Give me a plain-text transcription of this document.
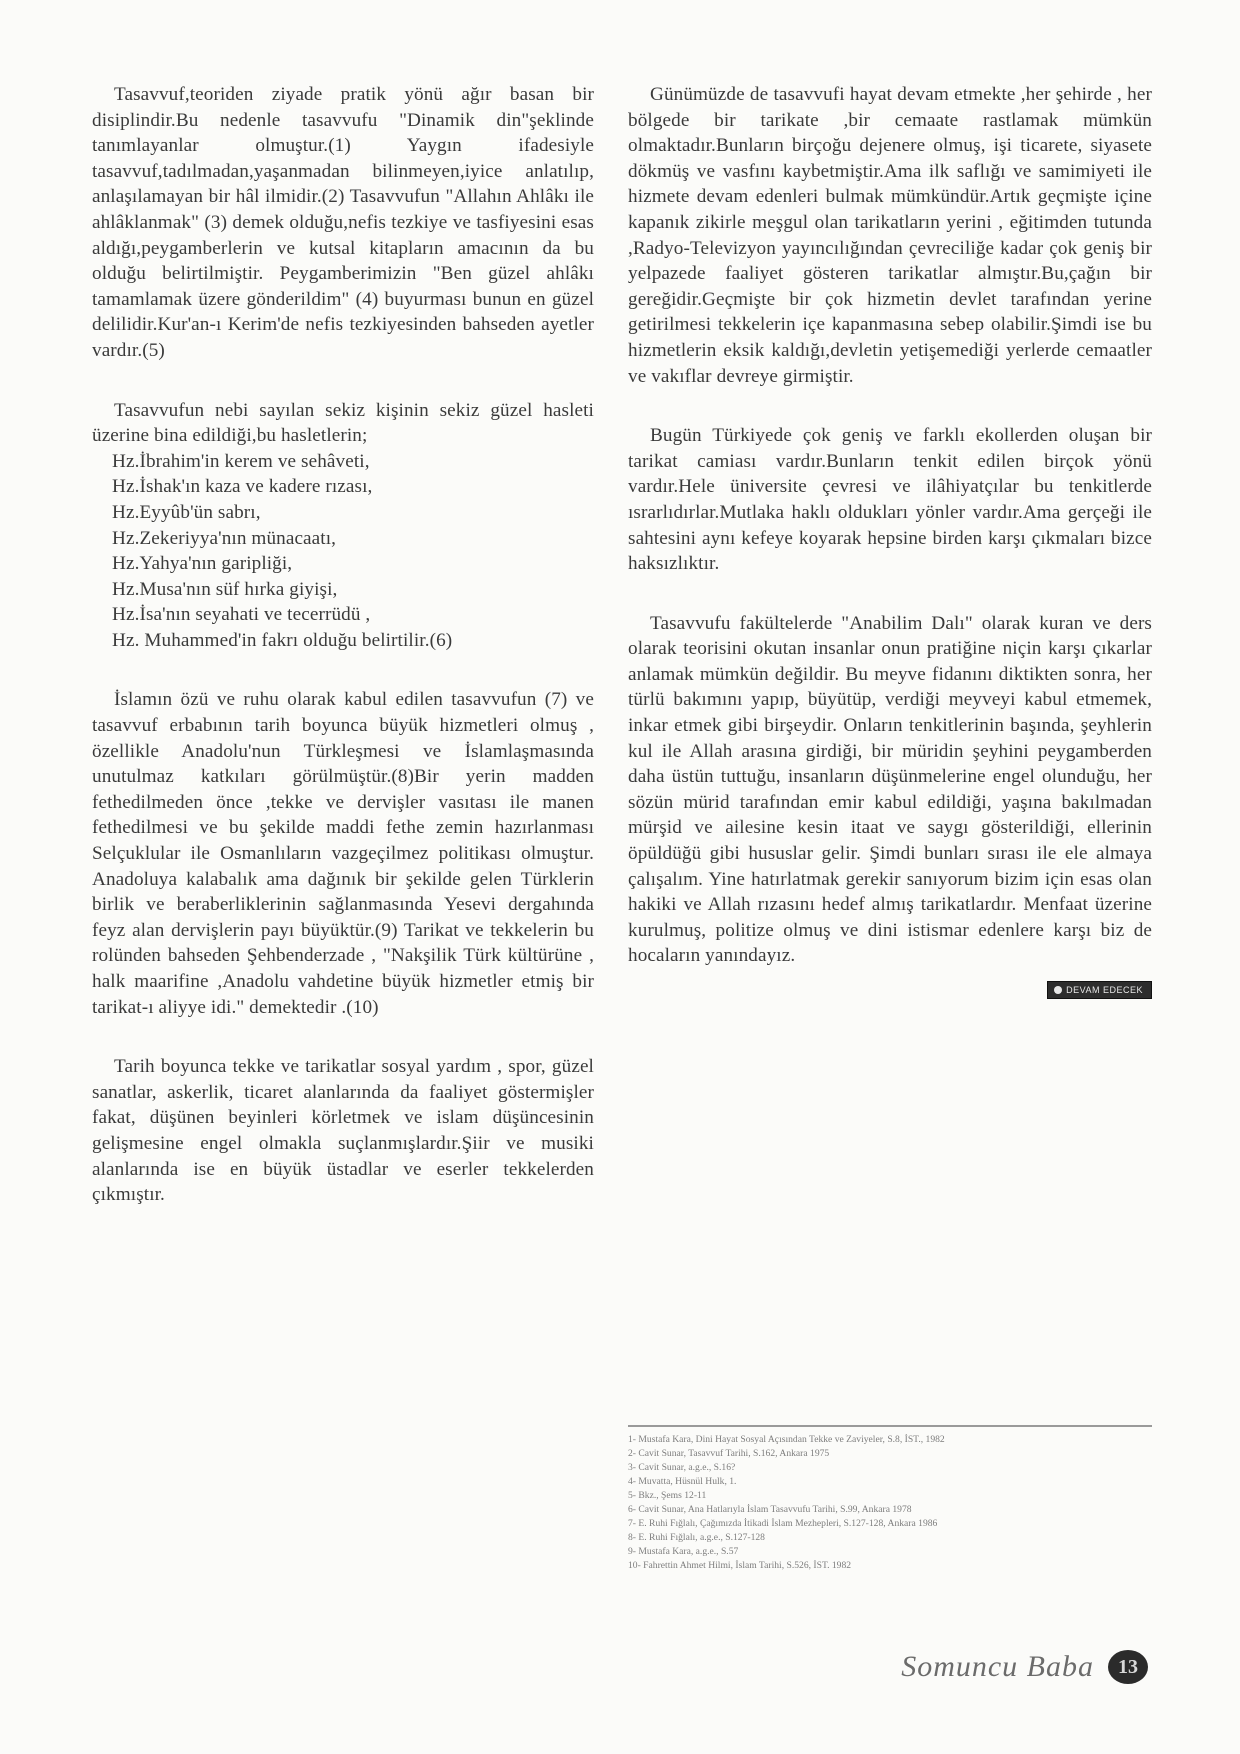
Tasavvuf,teoriden ziyade pratik yönü ağır basan bir disiplindir.Bu nedenle tasavvufu "Dinamik din"şeklinde tanımlayanlar olmuştur.(1) Yaygın ifadesiyle tasavvuf,tadılmadan,yaşanmadan bilinmeyen,iyice anlatılıp, anlaşılamayan bir hâl ilmidir.(2) Tasavvufun "Allahın Ahlâkı ile ahlâklanmak" (3) demek olduğu,nefis tezkiye ve tasfiyesini esas aldığı,peygamberlerin ve kutsal kitapların amacının da bu olduğu belirtilmiştir. Peygamberimizin "Ben güzel ahlâkı tamamlamak üzere gönderildim" (4) buyurması bunun en güzel delilidir.Kur'an-ı Kerim'de nefis tezkiyesinden bahseden ayetler vardır.(5)

Tasavvufun nebi sayılan sekiz kişinin sekiz güzel hasleti üzerine bina edildiği,bu hasletlerin;

Hz.İbrahim'in kerem ve sehâveti,
Hz.İshak'ın kaza ve kadere rızası,
Hz.Eyyûb'ün sabrı,
Hz.Zekeriyya'nın münacaatı,
Hz.Yahya'nın garipliği,
Hz.Musa'nın süf hırka giyişi,
Hz.İsa'nın seyahati ve tecerrüdü ,
Hz. Muhammed'in fakrı olduğu belirtilir.(6)

İslamın özü ve ruhu olarak kabul edilen tasavvufun (7) ve tasavvuf erbabının tarih boyunca büyük hizmetleri olmuş , özellikle Anadolu'nun Türkleşmesi ve İslamlaşmasında unutulmaz katkıları görülmüştür.(8)Bir yerin madden fethedilmeden önce ,tekke ve dervişler vasıtası ile manen fethedilmesi ve bu şekilde maddi fethe zemin hazırlanması Selçuklular ile Osmanlıların vazgeçilmez politikası olmuştur. Anadoluya kalabalık ama dağınık bir şekilde gelen Türklerin birlik ve beraberliklerinin sağlanmasında Yesevi dergahında feyz alan dervişlerin payı büyüktür.(9) Tarikat ve tekkelerin bu rolünden bahseden Şehbenderzade , "Nakşilik Türk kültürüne , halk maarifine ,Anadolu vahdetine büyük hizmetler etmiş bir tarikat-ı aliyye idi." demektedir .(10)

Tarih boyunca tekke ve tarikatlar sosyal yardım , spor, güzel sanatlar, askerlik, ticaret alanlarında da faaliyet göstermişler fakat, düşünen beyinleri körletmek ve islam düşüncesinin gelişmesine engel olmakla suçlanmışlardır.Şiir ve musiki alanlarında ise en büyük üstadlar ve eserler tekkelerden çıkmıştır.

Günümüzde de tasavvufi hayat devam etmekte ,her şehirde , her bölgede bir tarikate ,bir cemaate rastlamak mümkün olmaktadır.Bunların birçoğu dejenere olmuş, işi ticarete, siyasete dökmüş ve vasfını kaybetmiştir.Ama ilk saflığı ve samimiyeti ile hizmete devam edenleri bulmak mümkündür.Artık geçmişte içine kapanık zikirle meşgul olan tarikatların yerini , eğitimden tutunda ,Radyo-Televizyon yayıncılığından çevreciliğe kadar çok geniş bir yelpazede faaliyet gösteren tarikatlar almıştır.Bu,çağın bir gereğidir.Geçmişte bir çok hizmetin devlet tarafından yerine getirilmesi tekkelerin içe kapanmasına sebep olabilir.Şimdi ise bu hizmetlerin eksik kaldığı,devletin yetişemediği yerlerde cemaatler ve vakıflar devreye girmiştir.

Bugün Türkiyede çok geniş ve farklı ekollerden oluşan bir tarikat camiası vardır.Bunların tenkit edilen birçok yönü vardır.Hele üniversite çevresi ve ilâhiyatçılar bu tenkitlerde ısrarlıdırlar.Mutlaka haklı oldukları yönler vardır.Ama gerçeği ile sahtesini aynı kefeye koyarak hepsine birden karşı çıkmaları bizce haksızlıktır.

Tasavvufu fakültelerde "Anabilim Dalı" olarak kuran ve ders olarak teorisini okutan insanlar onun pratiğine niçin karşı çıkarlar anlamak mümkün değildir. Bu meyve fidanını diktikten sonra, her türlü bakımını yapıp, büyütüp, verdiği meyveyi kabul etmemek, inkar etmek gibi birşeydir. Onların tenkitlerinin başında, şeyhlerin kul ile Allah arasına girdiği, bir müridin şeyhini peygamberden daha üstün tuttuğu, insanların düşünmelerine engel olunduğu, her sözün mürid tarafından emir kabul edildiği, yaşına bakılmadan mürşid ve ailesine kesin itaat ve saygı gösterildiği, ellerinin öpüldüğü gibi hususlar gelir. Şimdi bunları sırası ile ele almaya çalışalım. Yine hatırlatmak gerekir sanıyorum bizim için esas olan hakiki ve Allah rızasını hedef almış tarikatlardır. Menfaat üzerine kurulmuş, politize olmuş ve dini istismar edenlere karşı biz de hocaların yanındayız.

DEVAM EDECEK
1- Mustafa Kara, Dini Hayat Sosyal Açısından Tekke ve Zaviyeler, S.8, İST., 1982
2- Cavit Sunar, Tasavvuf Tarihi, S.162, Ankara 1975
3- Cavit Sunar, a.g.e., S.16?
4- Muvatta, Hüsnül Hulk, 1.
5- Bkz., Şems 12-11
6- Cavit Sunar, Ana Hatlarıyla İslam Tasavvufu Tarihi, S.99, Ankara 1978
7- E. Ruhi Fığlalı, Çağımızda İtikadi İslam Mezhepleri, S.127-128, Ankara 1986
8- E. Ruhi Fığlalı, a.g.e., S.127-128
9- Mustafa Kara, a.g.e., S.57
10- Fahrettin Ahmet Hilmi, İslam Tarihi, S.526, İST. 1982
Somuncu Baba	13
